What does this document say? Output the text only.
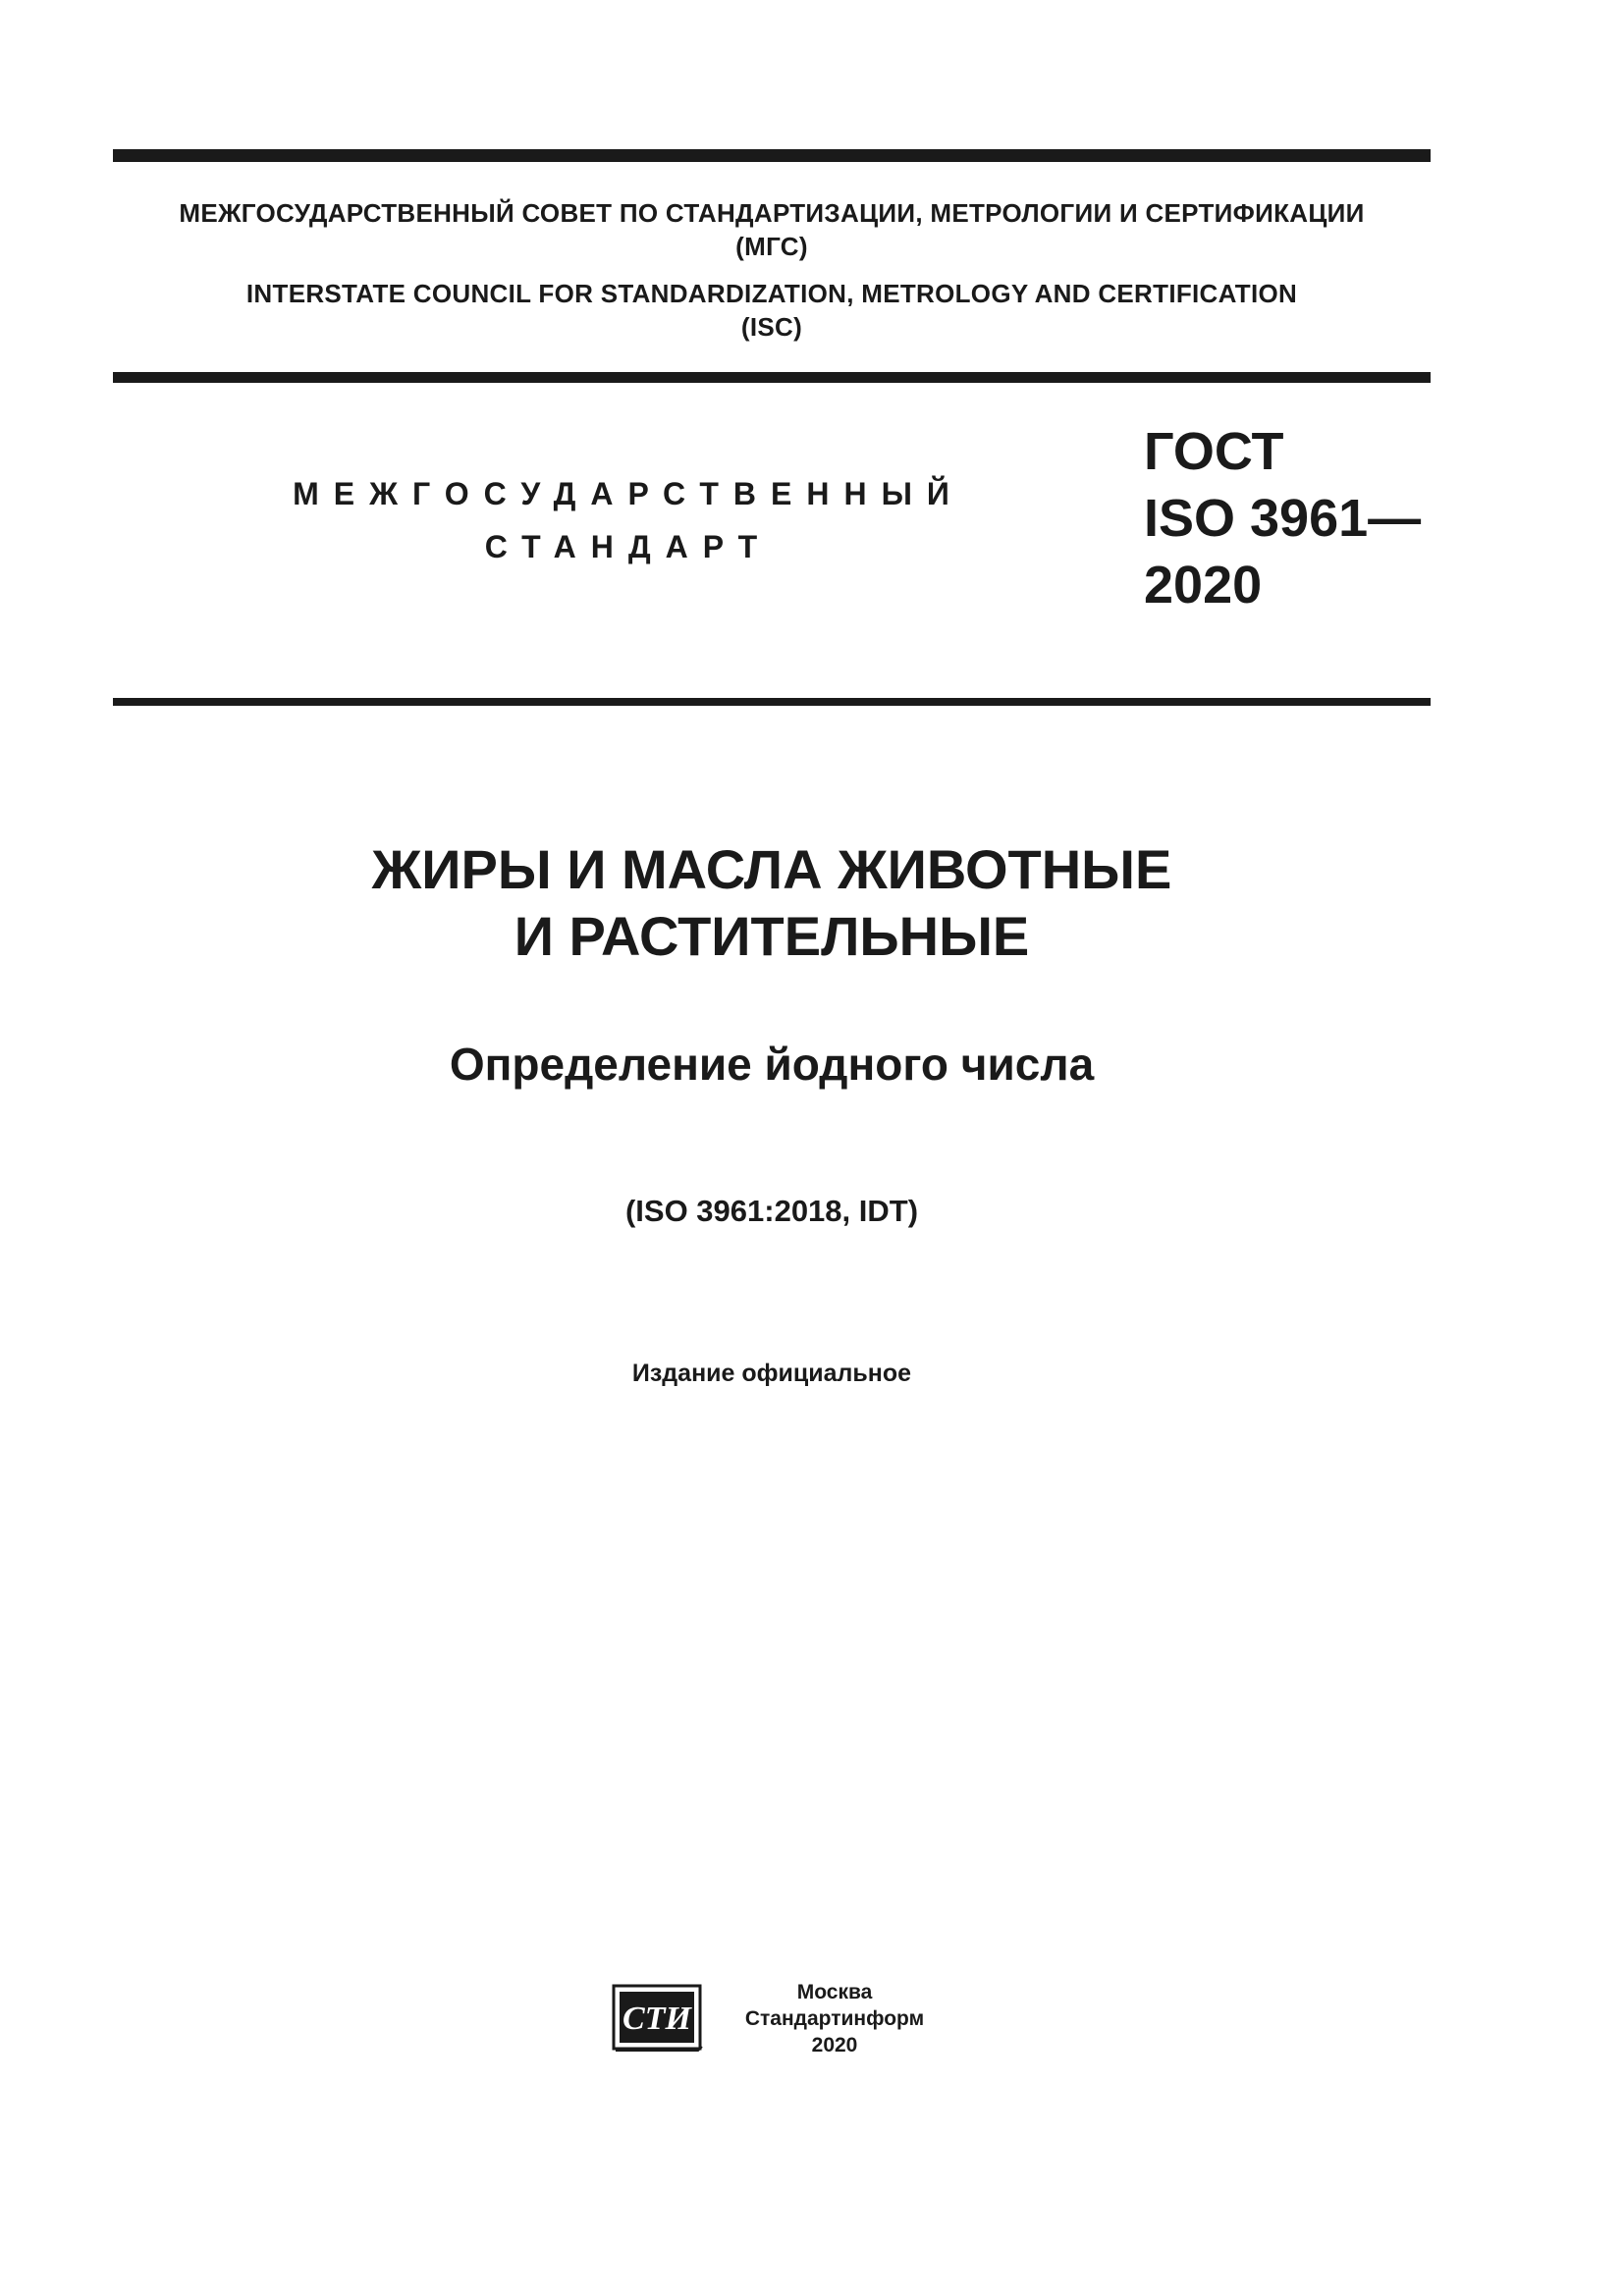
МЕЖГОСУДАРСТВЕННЫЙ СОВЕТ ПО СТАНДАРТИЗАЦИИ, МЕТРОЛОГИИ И СЕРТИФИКАЦИИ
(МГС)
INTERSTATE COUNCIL FOR STANDARDIZATION, METROLOGY AND CERTIFICATION
(ISC)
МЕЖГОСУДАРСТВЕННЫЙ
СТАНДАРТ
ГОСТ
ISO 3961—
2020
ЖИРЫ И МАСЛА ЖИВОТНЫЕ
И РАСТИТЕЛЬНЫЕ
Определение йодного числа
(ISO 3961:2018, IDT)
Издание официальное
СТИ
Москва
Стандартинформ
2020
